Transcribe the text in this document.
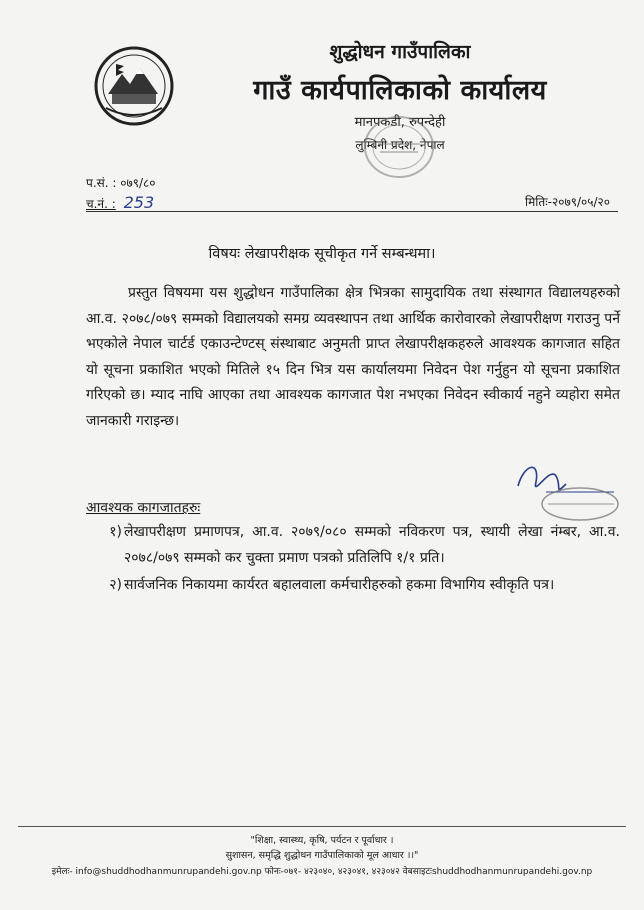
शुद्धोधन गाउँपालिका
गाउँ कार्यपालिकाको कार्यालय
मानपकडी, रुपन्देही
लुम्बिनी प्रदेश, नेपाल
प.सं. : ०७९/८०
च.नं. : 253	मितिः-२०७९/०५/२०
विषयः लेखापरीक्षक सूचीकृत गर्ने सम्बन्धमा।

प्रस्तुत विषयमा यस शुद्धोधन गाउँपालिका क्षेत्र भित्रका सामुदायिक तथा संस्थागत विद्यालयहरुको आ.व. २०७८/०७९ सम्मको विद्यालयको समग्र व्यवस्थापन तथा आर्थिक कारोवारको लेखापरीक्षण गराउनु पर्ने भएकोले नेपाल चार्टर्ड एकाउन्टेण्टस् संस्थाबाट अनुमती प्राप्त लेखापरीक्षकहरुले आवश्यक कागजात सहित यो सूचना प्रकाशित भएको मितिले १५ दिन भित्र यस कार्यालयमा निवेदन पेश गर्नुहुन यो सूचना प्रकाशित गरिएको छ। म्याद नाघि आएका तथा आवश्यक कागजात पेश नभएका निवेदन स्वीकार्य नहुने व्यहोरा समेत जानकारी गराइन्छ।

आवश्यक कागजातहरुः
१) लेखापरीक्षण प्रमाणपत्र, आ.व. २०७९/०८० सम्मको नविकरण पत्र, स्थायी लेखा नंम्बर, आ.व. २०७८/०७९ सम्मको कर चुक्ता प्रमाण पत्रको प्रतिलिपि १/१ प्रति।
२) सार्वजनिक निकायमा कार्यरत बहालवाला कर्मचारीहरुको हकमा विभागिय स्वीकृति पत्र।
"शिक्षा, स्वास्थ्य, कृषि, पर्यटन र पूर्वाधार ।
सुशासन, समृद्धि शुद्धोधन गाउँपालिकाको मूल आधार ।।"
इमेलः- info@shuddhodhanmunrupandehi.gov.np फोनः-०७१- ४२३०४०, ४२३०४१, ४२३०४२ वेबसाइटःshuddhodhanmunrupandehi.gov.np
